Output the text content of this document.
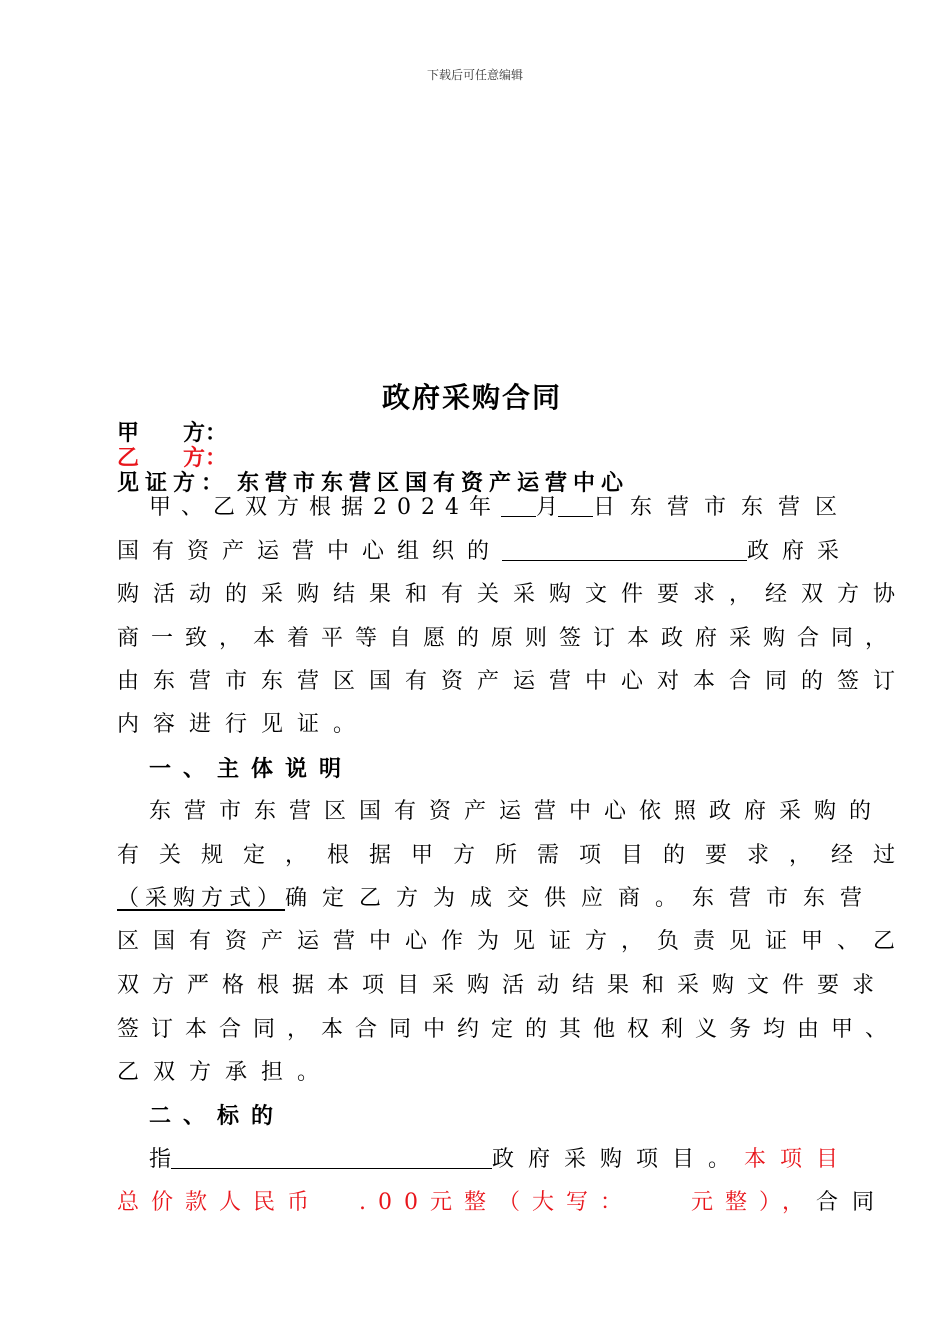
下载后可任意编辑
政府采购合同
甲 方：
乙 方：
见证方： 东营市东营区国有资产运营中心
甲、乙双方根据2024年 月 日东营市东营区
国有资产运营中心组织的	政府采
购活动的采购结果和有关采购文件要求，经双方协
商一致，本着平等自愿的原则签订本政府采购合同，
由东营市东营区国有资产运营中心对本合同的签订
内容进行见证。
一、主体说明
东营市东营区国有资产运营中心依照政府采购的
有关规定，根据甲方所需项目的要求，经过
（采购方式） 确定乙方为成交供应商。东营市东营
区国有资产运营中心作为见证方，负责见证甲、乙
双方严格根据本项目采购活动结果和采购文件要求
签订本合同，本合同中约定的其他权利义务均由甲、
乙双方承担。
二、标的
指	政府采购项目。 本项目
总价款人民币  .00元整（大写：   元整）， 合同
